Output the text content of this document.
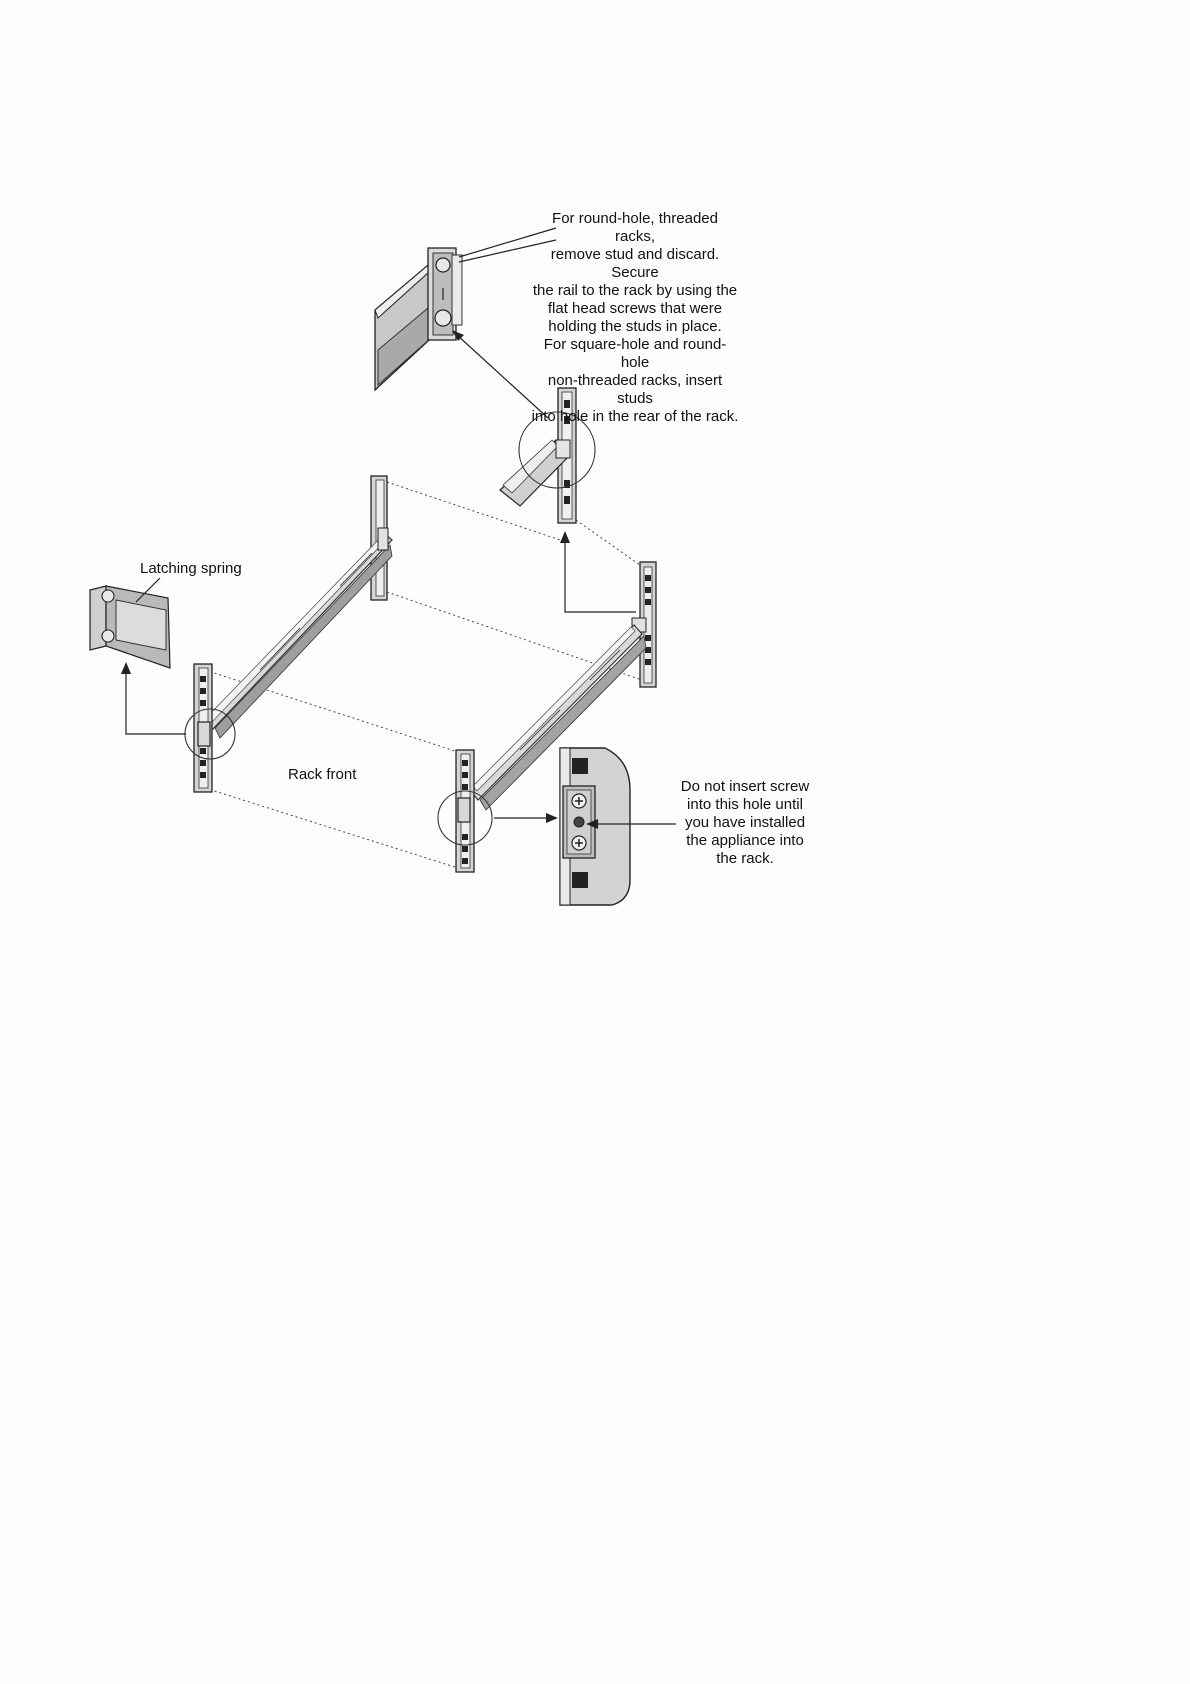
For round-hole, threaded racks,
remove stud and discard. Secure
the rail to the rack by using the
flat head screws that were
holding the studs in place.
For square-hole and round-hole
non-threaded racks, insert studs
into hole in the rear of the rack.
Latching spring
Rack front
Do not insert screw
into this hole until
you have installed
the appliance into
the rack.
